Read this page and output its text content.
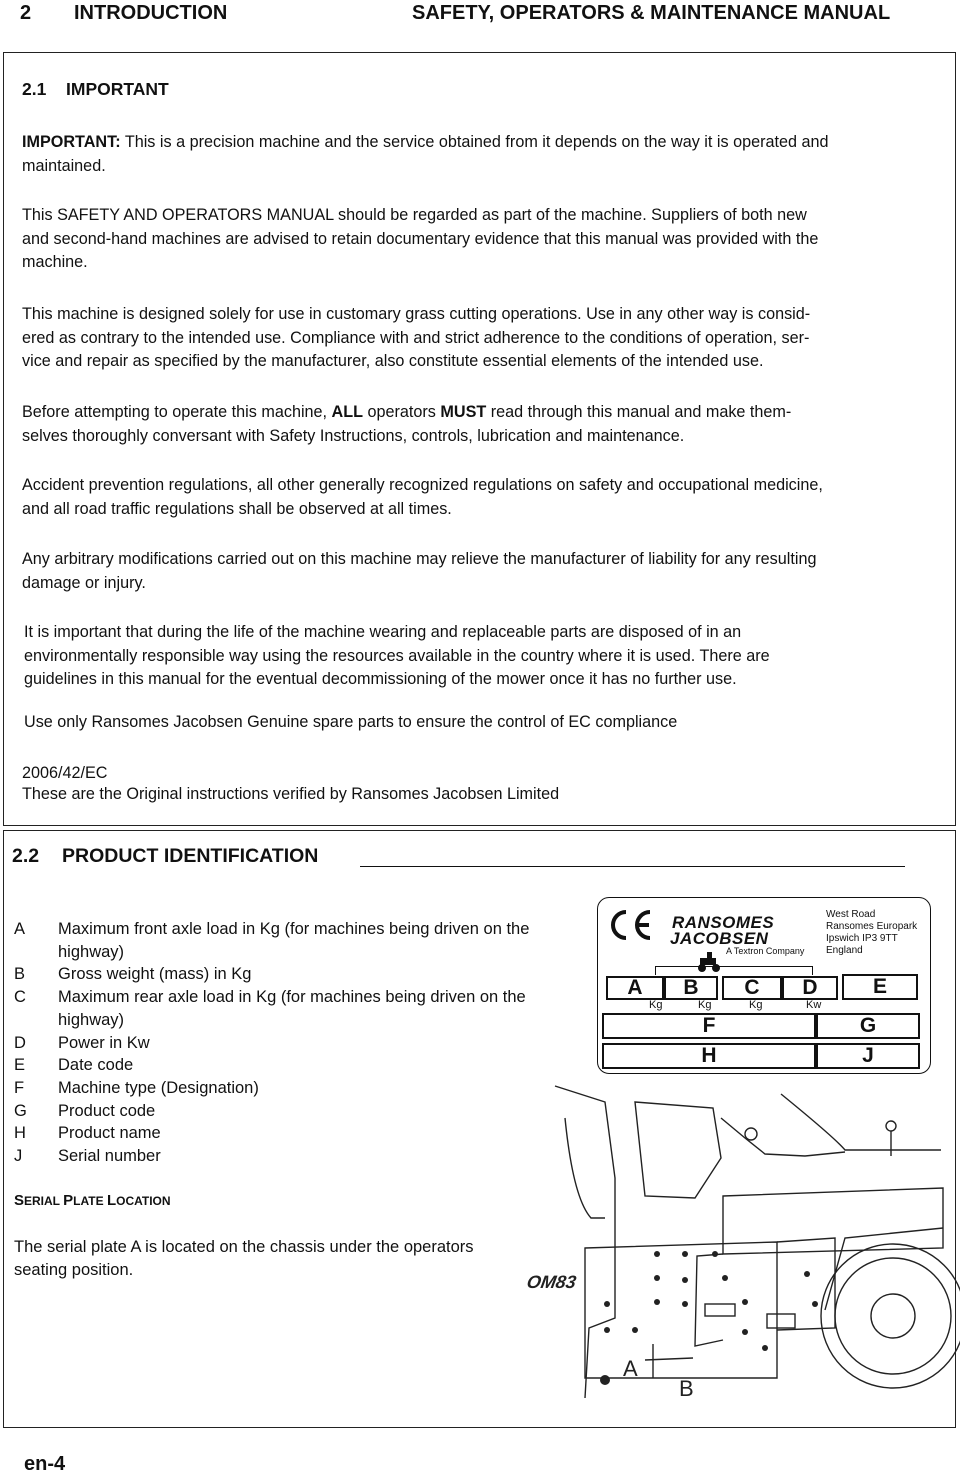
2 INTRODUCTION	SAFETY, OPERATORS & MAINTENANCE MANUAL
2.1 IMPORTANT

IMPORTANT: This is a precision machine and the service obtained from it depends on the way it is operated and

maintained.

This SAFETY AND OPERATORS MANUAL should be regarded as part of the machine. Suppliers of both new

and second-hand machines are advised to retain documentary evidence that this manual was provided with the

machine.

This machine is designed solely for use in customary grass cutting operations. Use in any other way is consid-

ered as contrary to the intended use. Compliance with and strict adherence to the conditions of operation, ser-

vice and repair as specified by the manufacturer, also constitute essential elements of the intended use.

Before attempting to operate this machine, ALL operators MUST read through this manual and make them-

selves thoroughly conversant with Safety Instructions, controls, lubrication and maintenance.

Accident prevention regulations, all other generally recognized regulations on safety and occupational medicine,

and all road traffic regulations shall be observed at all times.

Any arbitrary modifications carried out on this machine may relieve the manufacturer of liability for any resulting

damage or injury.

It is important that during the life of the machine wearing and replaceable parts are disposed of in an

environmentally responsible way using the resources available in the country where it is used. There are

guidelines in this manual for the eventual decommissioning of the mower once it has no further use.

Use only Ransomes Jacobsen Genuine spare parts to ensure the control of EC compliance

2006/42/EC

These are the Original instructions verified by Ransomes Jacobsen Limited

2.2 PRODUCT IDENTIFICATION
A Maximum front axle load in Kg (for machines being driven on the
highway)
B Gross weight (mass) in Kg
C Maximum rear axle load in Kg (for machines being driven on the
highway)
D Power in Kw
E Date code
F Machine type (Designation)
G Product code
H Product name
J Serial number
SERIAL PLATE LOCATION
The serial plate A is located on the chassis under the operators
seating position.
RANSOMES
JACOBSEN
A Textron Company
West Road
Ransomes Europark
Ipswich IP3 9TT
England
A	B	C	D	E
Kg	Kg	Kg	Kw
F	G
H	J
OM83
A
B
en-4
